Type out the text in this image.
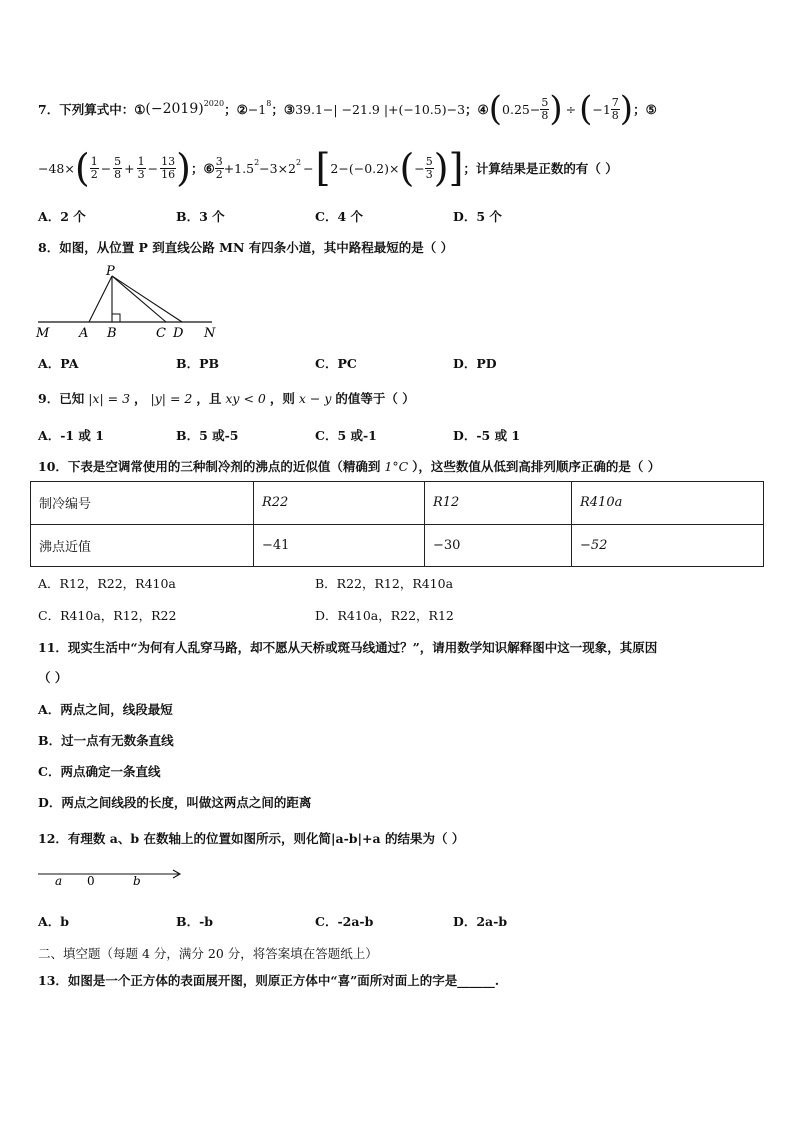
7．下列算式中： ① $(-2019)^{2020}$ ； ② $-1^8$ ； ③ 39.1−| −21.9 |+(−10.5)−3 ； ④ ( $0.25- \frac{5}{8}$ ) ÷ ( $-1 \frac{7}{8}$ ) ； ⑤
−48× ( $\frac{1}{2} - \frac{5}{8} + \frac{1}{3} - \frac{13}{16}$ ) ； ⑥ $\frac{3}{2} +1.5^2 -3\times 2^2$ − [ 2−(−0.2)× ( − $\frac{5}{3}$ ) ] ；计算结果是正数的有（ ）
A．2 个	B．3 个	C．4 个	D．5 个
8．如图，从位置 P 到直线公路 MN 有四条小道，其中路程最短的是（ ）
P
M A B	C D N
A．PA	B．PB	C．PC	D．PD
9．已知 |x| = 3 ， |y| = 2 ，且 xy < 0 ，则 x − y 的值等于（ ）
A．-1 或 1	B．5 或-5	C．5 或-1	D．-5 或 1
10．下表是空调常使用的三种制冷剂的沸点的近似值（精确到 1°C ），这些数值从低到高排列顺序正确的是（ ）
制冷编号	R22	R12	R410a
沸点近值	−41	−30	−52
A．R12，R22，R410a	B．R22，R12，R410a
C．R410a，R12，R22	D．R410a，R22，R12
11．现实生活中“为何有人乱穿马路，却不愿从天桥或斑马线通过？”，请用数学知识解释图中这一现象，其原因
（ ）
A．两点之间，线段最短
B．过一点有无数条直线
C．两点确定一条直线
D．两点之间线段的长度，叫做这两点之间的距离
12．有理数 a、b 在数轴上的位置如图所示，则化简|a-b|+a 的结果为（ ）
a 0	b
A．b	B．-b	C．-2a-b	D．2a-b
二、填空题（每题 4 分，满分 20 分，将答案填在答题纸上）
13．如图是一个正方体的表面展开图，则原正方体中“喜”面所对面上的字是______.
